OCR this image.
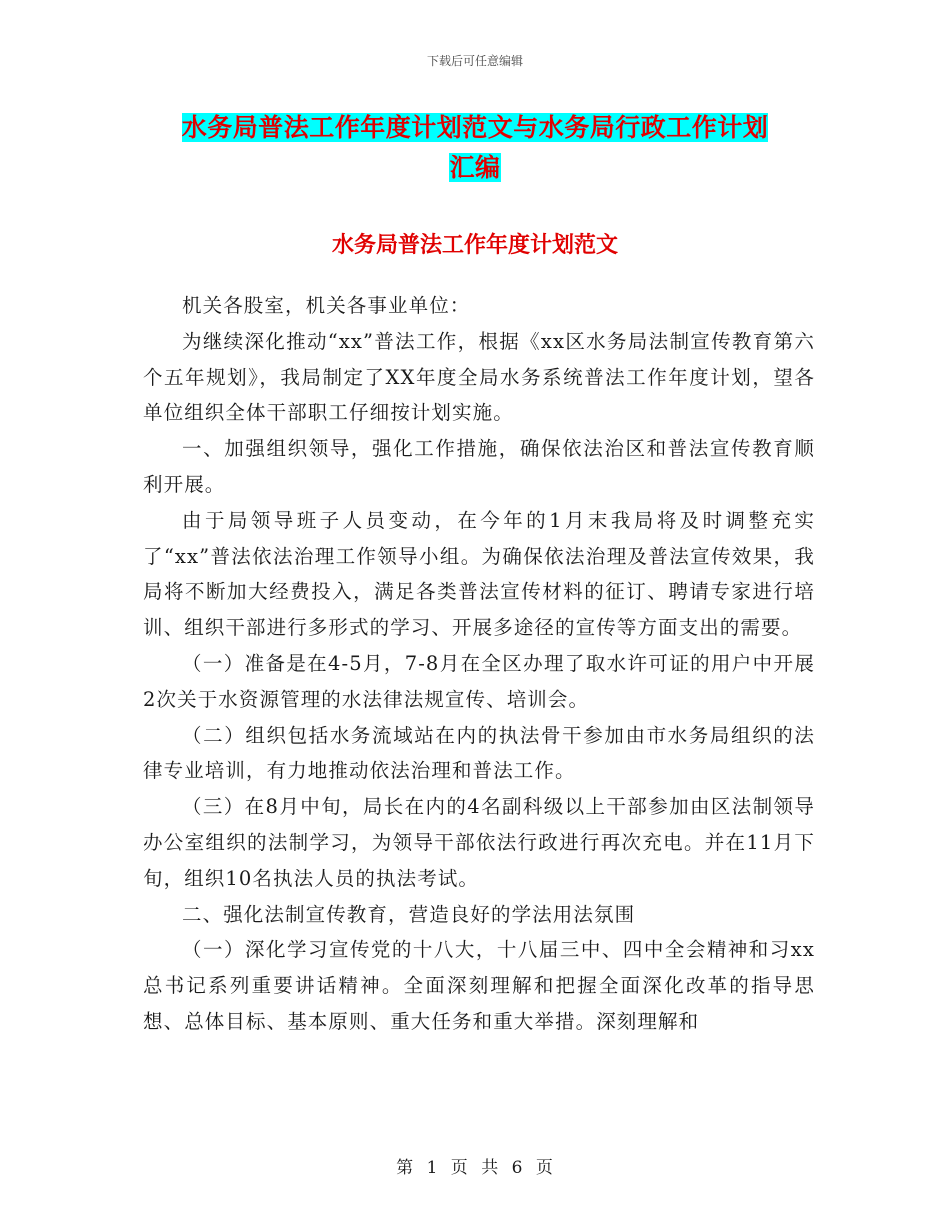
下载后可任意编辑
水务局普法工作年度计划范文与水务局行政工作计划
汇编
水务局普法工作年度计划范文

机关各股室，机关各事业单位：

为继续深化推动“xx”普法工作，根据《xx区水务局法制宣传教育第六个五年规划》，我局制定了XX年度全局水务系统普法工作年度计划，望各单位组织全体干部职工仔细按计划实施。

一、加强组织领导，强化工作措施，确保依法治区和普法宣传教育顺利开展。

由于局领导班子人员变动，在今年的1月末我局将及时调整充实了“xx”普法依法治理工作领导小组。为确保依法治理及普法宣传效果，我局将不断加大经费投入，满足各类普法宣传材料的征订、聘请专家进行培训、组织干部进行多形式的学习、开展多途径的宣传等方面支出的需要。

（一）准备是在4-5月，7-8月在全区办理了取水许可证的用户中开展2次关于水资源管理的水法律法规宣传、培训会。

（二）组织包括水务流域站在内的执法骨干参加由市水务局组织的法律专业培训，有力地推动依法治理和普法工作。

（三）在8月中旬，局长在内的4名副科级以上干部参加由区法制领导办公室组织的法制学习，为领导干部依法行政进行再次充电。并在11月下旬，组织10名执法人员的执法考试。

二、强化法制宣传教育，营造良好的学法用法氛围

（一）深化学习宣传党的十八大，十八届三中、四中全会精神和习xx总书记系列重要讲话精神。全面深刻理解和把握全面深化改革的指导思想、总体目标、基本原则、重大任务和重大举措。深刻理解和

第 1 页 共 6 页
